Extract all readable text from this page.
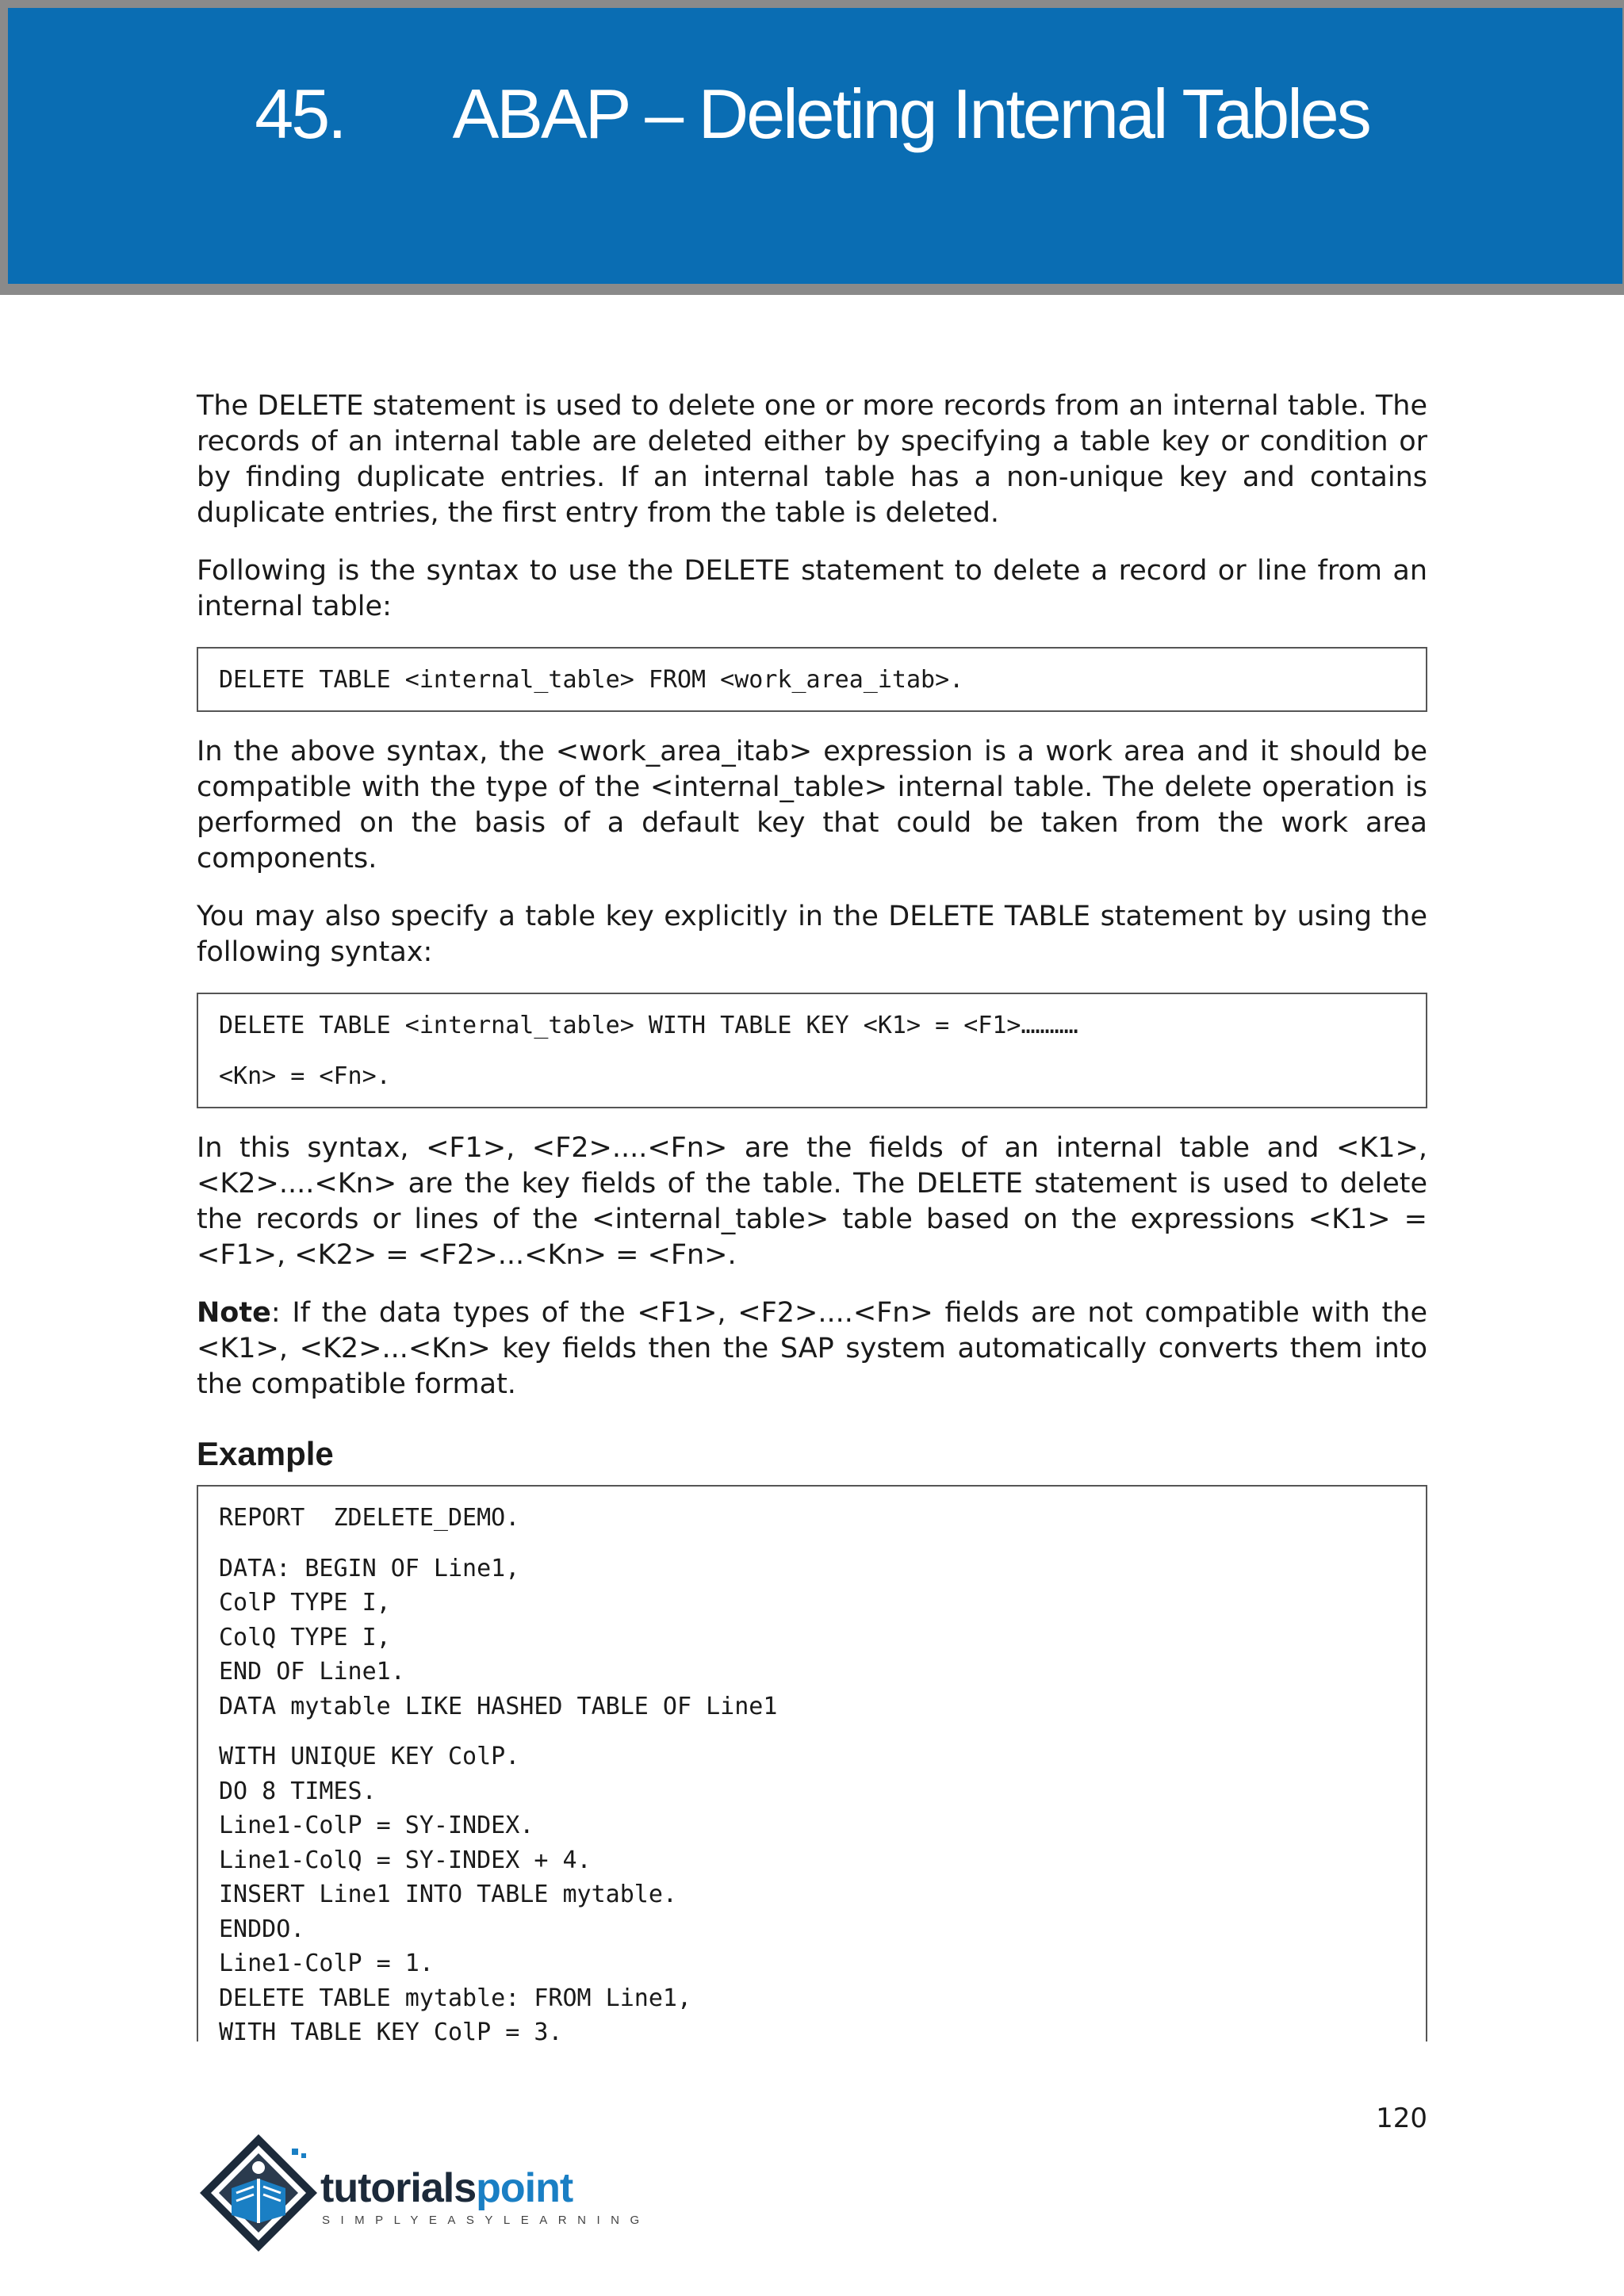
45. ABAP – Deleting Internal Tables

The DELETE statement is used to delete one or more records from an internal table. The records of an internal table are deleted either by specifying a table key or condition or by finding duplicate entries. If an internal table has a non-unique key and contains duplicate entries, the first entry from the table is deleted.

Following is the syntax to use the DELETE statement to delete a record or line from an internal table:

DELETE TABLE <internal_table> FROM <work_area_itab>.

In the above syntax, the <work_area_itab> expression is a work area and it should be compatible with the type of the <internal_table> internal table. The delete operation is performed on the basis of a default key that could be taken from the work area components.

You may also specify a table key explicitly in the DELETE TABLE statement by using the following syntax:

DELETE TABLE <internal_table> WITH TABLE KEY <K1> = <F1>…………
<Kn> = <Fn>.

In this syntax, <F1>, <F2>....<Fn> are the fields of an internal table and <K1>, <K2>....<Kn> are the key fields of the table. The DELETE statement is used to delete the records or lines of the <internal_table> table based on the expressions <K1> = <F1>, <K2> = <F2>...<Kn> = <Fn>.

Note: If the data types of the <F1>, <F2>....<Fn> fields are not compatible with the <K1>, <K2>...<Kn> key fields then the SAP system automatically converts them into the compatible format.

Example
REPORT  ZDELETE_DEMO.
DATA: BEGIN OF Line1,
ColP TYPE I,
ColQ TYPE I,
END OF Line1.
DATA mytable LIKE HASHED TABLE OF Line1
WITH UNIQUE KEY ColP.
DO 8 TIMES.
Line1-ColP = SY-INDEX.
Line1-ColQ = SY-INDEX + 4.
INSERT Line1 INTO TABLE mytable.
ENDDO.
Line1-ColP = 1.
DELETE TABLE mytable: FROM Line1,
WITH TABLE KEY ColP = 3.
120
tutorialspoint
SIMPLYEASYLEARNING
